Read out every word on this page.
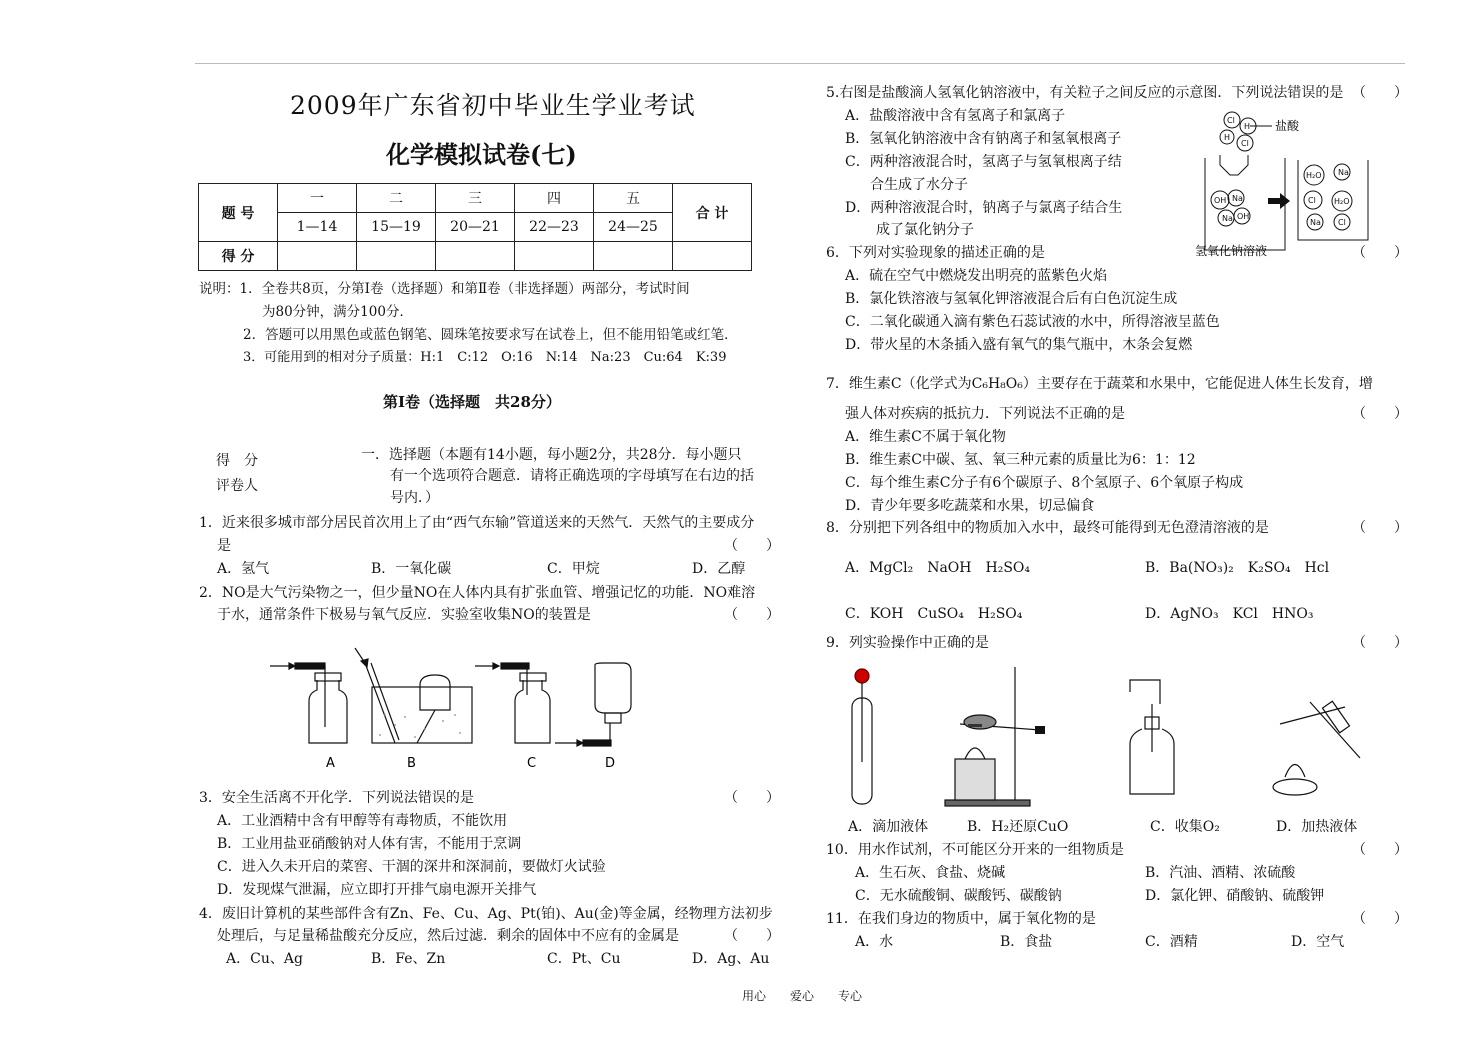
2009年广东省初中毕业生学业考试
化学模拟试卷(七)
题 号	一	二	三	四	五	合 计
	1—14	15—19	20—21	22—23	24—25	
得 分						
说明：1．全卷共8页，分第Ⅰ卷（选择题）和第Ⅱ卷（非选择题）两部分，考试时间
为80分钟，满分100分．
2．答题可以用黑色或蓝色钢笔、圆珠笔按要求写在试卷上，但不能用铅笔或红笔．
3．可能用到的相对分子质量：H:1　C:12　O:16　N:14　Na:23　Cu:64　K:39
第Ⅰ卷（选择题　共28分）
得　分
评卷人
一．选择题（本题有14小题，每小题2分，共28分．每小题只
有一个选项符合题意．请将正确选项的字母填写在右边的括
号内．）
1．近来很多城市部分居民首次用上了由“西气东输”管道送来的天然气．天然气的主要成分
是	（　　）
A．氢气	B．一氧化碳	C．甲烷	D．乙醇
2．NO是大气污染物之一，但少量NO在人体内具有扩张血管、增强记忆的功能．NO难溶
于水，通常条件下极易与氧气反应．实验室收集NO的装置是	（　　）
A	B	C	D
3．安全生活离不开化学．下列说法错误的是	（　　）
A．工业酒精中含有甲醇等有毒物质，不能饮用
B．工业用盐亚硝酸钠对人体有害，不能用于烹调
C．进入久未开启的菜窖、干涸的深井和深洞前，要做灯火试验
D．发现煤气泄漏，应立即打开排气扇电源开关排气
4．废旧计算机的某些部件含有Zn、Fe、Cu、Ag、Pt(铂)、Au(金)等金属，经物理方法初步
处理后，与足量稀盐酸充分反应，然后过滤．剩余的固体中不应有的金属是	（　　）
A．Cu、Ag	B．Fe、Zn	C．Pt、Cu	D．Ag、Au
5.右图是盐酸滴人氢氧化钠溶液中，有关粒子之间反应的示意图．下列说法错误的是 （　　）
A．盐酸溶液中含有氢离子和氯离子
B．氢氧化钠溶液中含有钠离子和氢氧根离子
C．两种溶液混合时，氢离子与氢氧根离子结
合生成了水分子
D．两种溶液混合时，钠离子与氯离子结合生
成了氯化钠分子
Cl
H
H
Cl
OH Na
Na OH
H₂O Na
Cl H₂O
Na Cl
盐酸
氢氧化钠溶液
6．下列对实验现象的描述正确的是	（　　）
A．硫在空气中燃烧发出明亮的蓝紫色火焰
B．氯化铁溶液与氢氧化钾溶液混合后有白色沉淀生成
C．二氧化碳通入滴有紫色石蕊试液的水中，所得溶液呈蓝色
D．带火星的木条插入盛有氧气的集气瓶中，木条会复燃
7．维生素C（化学式为C₆H₈O₆）主要存在于蔬菜和水果中，它能促进人体生长发育，增
强人体对疾病的抵抗力．下列说法不正确的是	（　　）
A．维生素C不属于氧化物
B．维生素C中碳、氢、氧三种元素的质量比为6：1：12
C．每个维生素C分子有6个碳原子、8个氢原子、6个氧原子构成
D．青少年要多吃蔬菜和水果，切忌偏食
8．分别把下列各组中的物质加入水中，最终可能得到无色澄清溶液的是	（　　）
A．MgCl₂　NaOH　H₂SO₄	B．Ba(NO₃)₂　K₂SO₄　Hcl
C．KOH　CuSO₄　H₂SO₄	D．AgNO₃　KCl　HNO₃
9．列实验操作中正确的是	（　　）
A．滴加液体	B．H₂还原CuO	C．收集O₂	D．加热液体
10．用水作试剂，不可能区分开来的一组物质是	（　　）
A．生石灰、食盐、烧碱	B．汽油、酒精、浓硫酸
C．无水硫酸铜、碳酸钙、碳酸钠	D．氯化钾、硝酸钠、硫酸钾
11．在我们身边的物质中，属于氧化物的是	（　　）
A．水	B．食盐	C．酒精	D．空气
用心　　爱心　　专心
